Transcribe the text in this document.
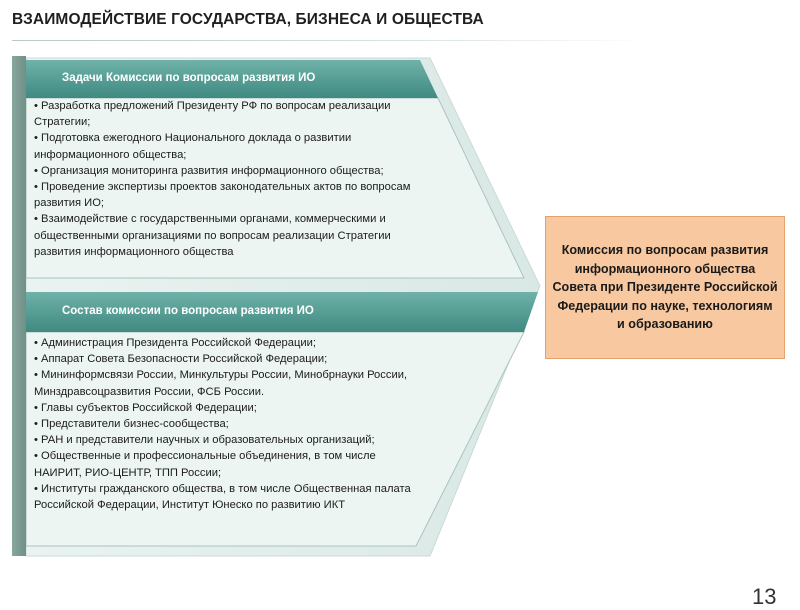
ВЗАИМОДЕЙСТВИЕ ГОСУДАРСТВА, БИЗНЕСА И ОБЩЕСТВА
Задачи Комиссии по вопросам развития ИО

• Разработка предложений Президенту РФ по вопросам реализации Стратегии;

• Подготовка ежегодного Национального доклада о развитии информационного общества;

• Организация мониторинга развития информационного общества;

• Проведение экспертизы проектов законодательных актов по вопросам развития ИО;

• Взаимодействие с государственными органами, коммерческими и общественными организациями по вопросам реализации Стратегии развития информационного общества

Состав комиссии по вопросам развития ИО

• Администрация Президента Российской Федерации;

• Аппарат Совета Безопасности Российской Федерации;

• Мининформсвязи России, Минкультуры России, Минобрнауки России, Минздравсоцразвития России, ФСБ России.

• Главы субъектов Российской Федерации;

• Представители бизнес-сообщества;

• РАН и представители научных и образовательных организаций;

• Общественные и профессиональные объединения, в том числе НАИРИТ, РИО-ЦЕНТР, ТПП России;

• Институты гражданского общества, в том числе Общественная палата Российской Федерации, Институт Юнеско по развитию ИКТ

Комиссия по вопросам развития информационного общества Совета при Президенте Российской Федерации по науке, технологиям и образованию
13
